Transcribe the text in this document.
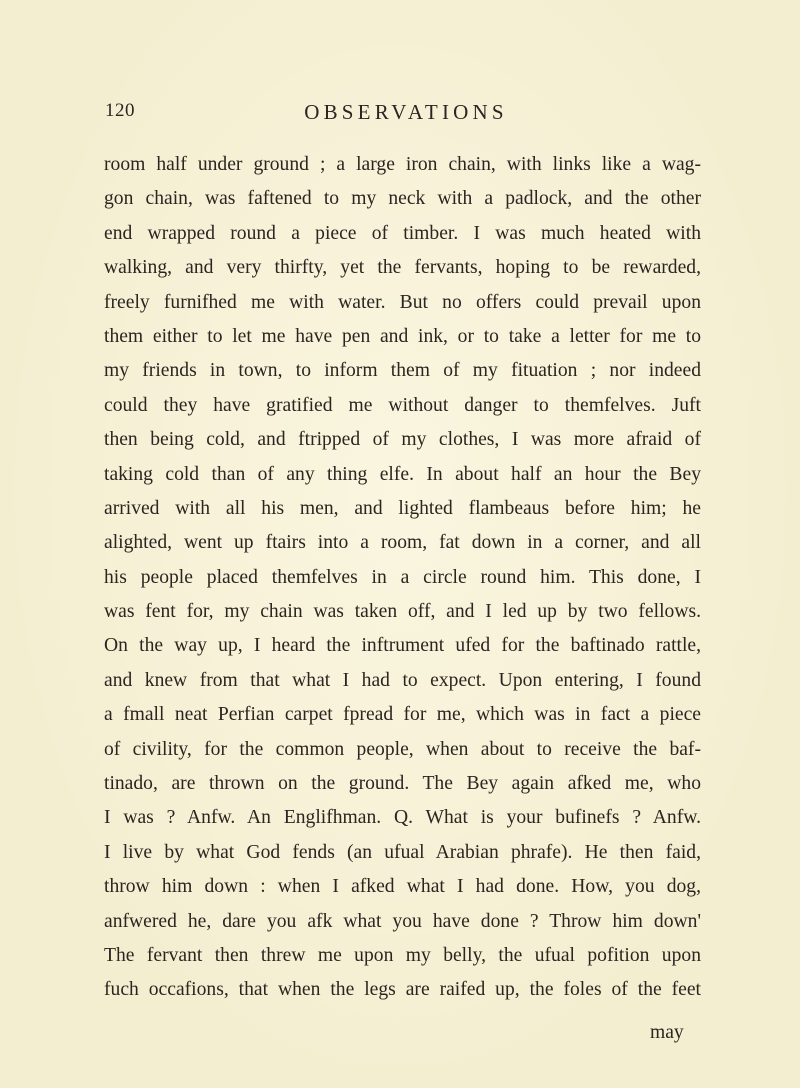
120	OBSERVATIONS
room half under ground ; a large iron chain, with links like a wag-
gon chain, was faftened to my neck with a padlock, and the other
end wrapped round a piece of timber. I was much heated with
walking, and very thirfty, yet the fervants, hoping to be rewarded,
freely furnifhed me with water. But no offers could prevail upon
them either to let me have pen and ink, or to take a letter for me to
my friends in town, to inform them of my fituation ; nor indeed
could they have gratified me without danger to themfelves. Juft
then being cold, and ftripped of my clothes, I was more afraid of
taking cold than of any thing elfe. In about half an hour the Bey
arrived with all his men, and lighted flambeaus before him; he
alighted, went up ftairs into a room, fat down in a corner, and all
his people placed themfelves in a circle round him. This done, I
was fent for, my chain was taken off, and I led up by two fellows.
On the way up, I heard the inftrument ufed for the baftinado rattle,
and knew from that what I had to expect. Upon entering, I found
a fmall neat Perfian carpet fpread for me, which was in fact a piece
of civility, for the common people, when about to receive the baf-
tinado, are thrown on the ground. The Bey again afked me, who
I was ? Anfw. An Englifhman. Q. What is your bufinefs ? Anfw.
I live by what God fends (an ufual Arabian phrafe). He then faid,
throw him down : when I afked what I had done. How, you dog,
anfwered he, dare you afk what you have done ? Throw him down'
The fervant then threw me upon my belly, the ufual pofition upon
fuch occafions, that when the legs are raifed up, the foles of the feet
may
